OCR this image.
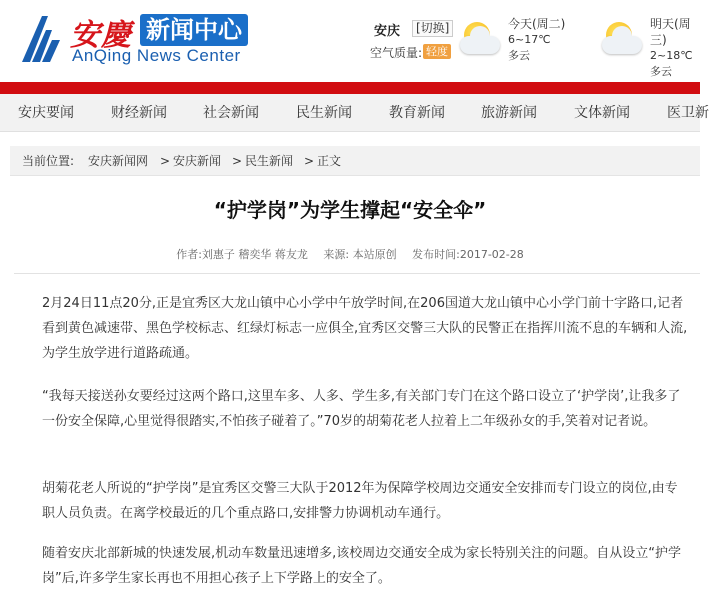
安慶 新闻中心
AnQing News Center
安庆	[切换]
空气质量: 轻度
今天(周二)
6~17℃
多云
明天(周三)
2~18℃
多云
安庆要闻	财经新闻	社会新闻	民生新闻	教育新闻	旅游新闻	文体新闻	医卫新
当前位置: 安庆新闻网 > 安庆新闻 > 民生新闻 > 正文
“护学岗”为学生撑起“安全伞”
作者:刘惠子 稽奕华 蒋友龙 来源: 本站原创 发布时间:2017-02-28
2月24日11点20分,正是宜秀区大龙山镇中心小学中午放学时间,在206国道大龙山镇中心小学门前十字路口,记者看到黄色减速带、黑色学校标志、红绿灯标志一应俱全,宜秀区交警三大队的民警正在指挥川流不息的车辆和人流,为学生放学进行道路疏通。
“我每天接送孙女要经过这两个路口,这里车多、人多、学生多,有关部门专门在这个路口设立了‘护学岗’,让我多了一份安全保障,心里觉得很踏实,不怕孩子碰着了。”70岁的胡菊花老人拉着上二年级孙女的手,笑着对记者说。
胡菊花老人所说的“护学岗”是宜秀区交警三大队于2012年为保障学校周边交通安全安排而专门设立的岗位,由专职人员负责。在离学校最近的几个重点路口,安排警力协调机动车通行。
随着安庆北部新城的快速发展,机动车数量迅速增多,该校周边交通安全成为家长特别关注的问题。自从设立“护学岗”后,许多学生家长再也不用担心孩子上下学路上的安全了。
